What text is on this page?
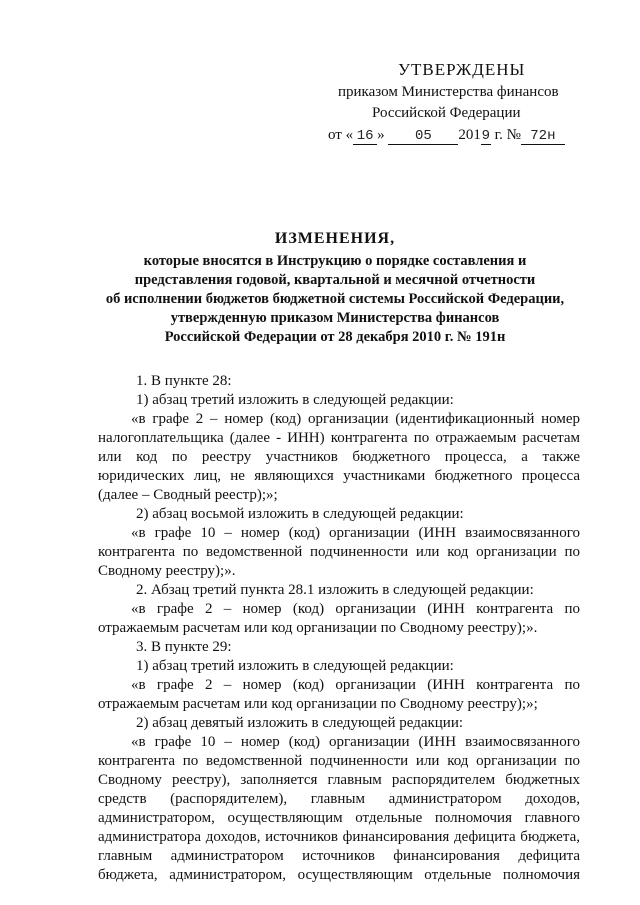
УТВЕРЖДЕНЫ
приказом Министерства финансов
Российской Федерации
от « 16 » 05 2019 г. № 72н
ИЗМЕНЕНИЯ,
которые вносятся в Инструкцию о порядке составления и
представления годовой, квартальной и месячной отчетности
об исполнении бюджетов бюджетной системы Российской Федерации,
утвержденную приказом Министерства финансов
Российской Федерации от 28 декабря 2010 г. № 191н
1. В пункте 28:
1) абзац третий изложить в следующей редакции:
«в графе 2 – номер (код) организации (идентификационный номер
налогоплательщика (далее - ИНН) контрагента по отражаемым расчетам
или код по реестру участников бюджетного процесса, а также
юридических лиц, не являющихся участниками бюджетного процесса
(далее – Сводный реестр);»;
2) абзац восьмой изложить в следующей редакции:
«в графе 10 – номер (код) организации (ИНН взаимосвязанного
контрагента по ведомственной подчиненности или код организации по
Сводному реестру);».
2. Абзац третий пункта 28.1 изложить в следующей редакции:
«в графе 2 – номер (код) организации (ИНН контрагента по
отражаемым расчетам или код организации по Сводному реестру);».
3. В пункте 29:
1) абзац третий изложить в следующей редакции:
«в графе 2 – номер (код) организации (ИНН контрагента по
отражаемым расчетам или код организации по Сводному реестру);»;
2) абзац девятый изложить в следующей редакции:
«в графе 10 – номер (код) организации (ИНН взаимосвязанного
контрагента по ведомственной подчиненности или код организации по
Сводному реестру), заполняется главным распорядителем бюджетных
средств (распорядителем), главным администратором доходов,
администратором, осуществляющим отдельные полномочия главного
администратора доходов, источников финансирования дефицита бюджета,
главным администратором источников финансирования дефицита
бюджета, администратором, осуществляющим отдельные полномочия
